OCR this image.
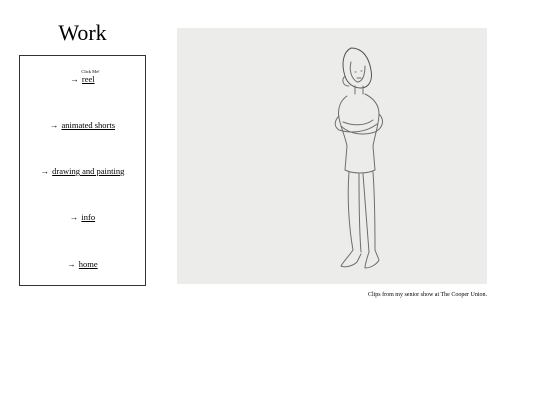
Work
Click Me!
→ reel
→ animated shorts
→ drawing and painting
→ info
→ home
Clips from my senior show at The Cooper Union.
